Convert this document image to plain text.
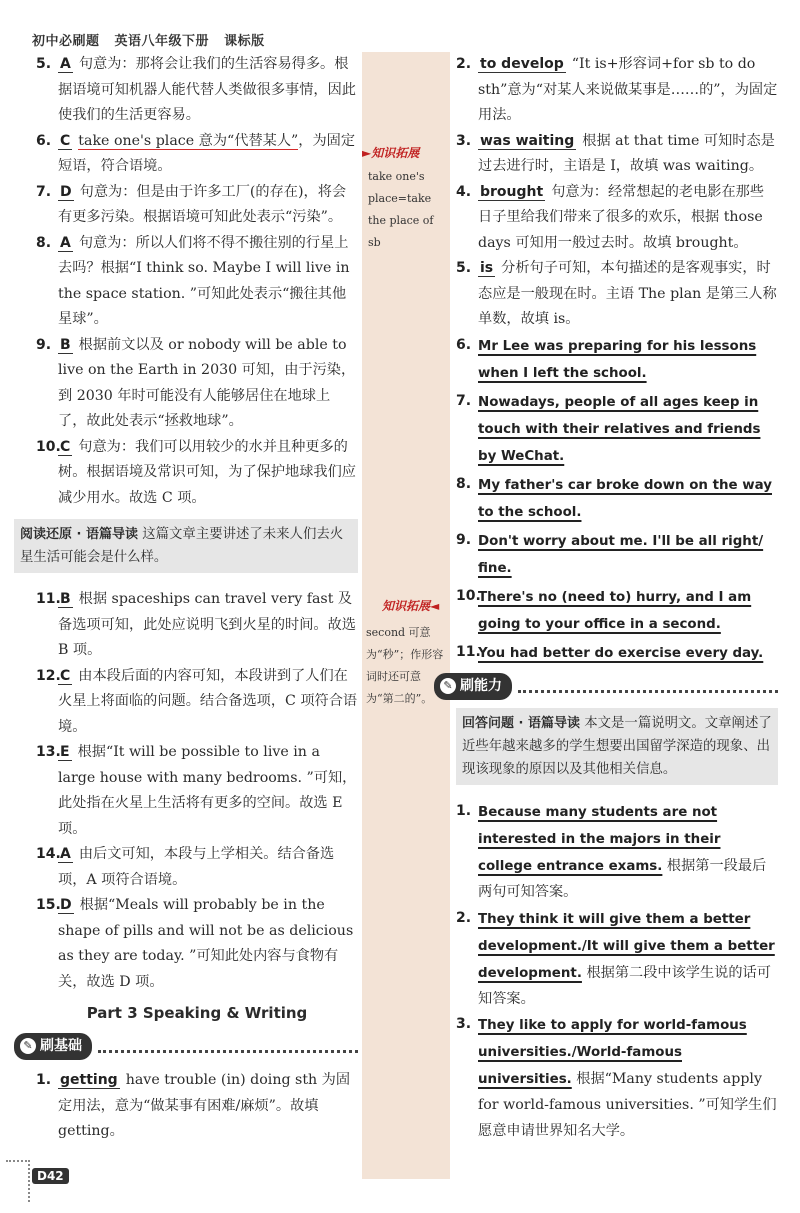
初中必刷题 英语八年级下册 课标版
►知识拓展
take one's place=take the place of sb
知识拓展◄
second 可意为“秒”；作形容词时还可意为“第二的”。
5. A 句意为：那将会让我们的生活容易得多。根据语境可知机器人能代替人类做很多事情，因此使我们的生活更容易。
6. C take one's place 意为“代替某人”，为固定短语，符合语境。
7. D 句意为：但是由于许多工厂(的存在)，将会有更多污染。根据语境可知此处表示“污染”。
8. A 句意为：所以人们将不得不搬往别的行星上去吗？根据“I think so. Maybe I will live in the space station. ”可知此处表示“搬往其他星球”。
9. B 根据前文以及 or nobody will be able to live on the Earth in 2030 可知，由于污染，到 2030 年时可能没有人能够居住在地球上了，故此处表示“拯救地球”。
10. C 句意为：我们可以用较少的水并且种更多的树。根据语境及常识可知，为了保护地球我们应减少用水。故选 C 项。
阅读还原 · 语篇导读 这篇文章主要讲述了未来人们去火星生活可能会是什么样。
11. B 根据 spaceships can travel very fast 及备选项可知，此处应说明飞到火星的时间。故选 B 项。
12. C 由本段后面的内容可知，本段讲到了人们在火星上将面临的问题。结合备选项，C 项符合语境。
13. E 根据“It will be possible to live in a large house with many bedrooms. ”可知，此处指在火星上生活将有更多的空间。故选 E 项。
14. A 由后文可知，本段与上学相关。结合备选项，A 项符合语境。
15. D 根据“Meals will probably be in the shape of pills and will not be as delicious as they are today. ”可知此处内容与食物有关，故选 D 项。
Part 3 Speaking & Writing
✎ 刷基础
1. getting have trouble (in) doing sth 为固定用法，意为“做某事有困难/麻烦”。故填 getting。
2. to develop “It is+形容词+for sb to do sth”意为“对某人来说做某事是……的”，为固定用法。
3. was waiting 根据 at that time 可知时态是过去进行时，主语是 I，故填 was waiting。
4. brought 句意为：经常想起的老电影在那些日子里给我们带来了很多的欢乐，根据 those days 可知用一般过去时。故填 brought。
5. is 分析句子可知，本句描述的是客观事实，时态应是一般现在时。主语 The plan 是第三人称单数，故填 is。
6. Mr Lee was preparing for his lessons when I left the school.
7. Nowadays, people of all ages keep in touch with their relatives and friends by WeChat.
8. My father's car broke down on the way to the school.
9. Don't worry about me. I'll be all right/ fine.
10.
There's no (need to) hurry, and I am going to your office in a second.
11.
You had better do exercise every day.
✎ 刷能力
回答问题 · 语篇导读 本文是一篇说明文。文章阐述了近些年越来越多的学生想要出国留学深造的现象、出现该现象的原因以及其他相关信息。
1. Because many students are not interested in the majors in their college entrance exams. 根据第一段最后两句可知答案。
2. They think it will give them a better development./It will give them a better development. 根据第二段中该学生说的话可知答案。
3. They like to apply for world-famous universities./World-famous universities. 根据“Many students apply for world-famous universities. ”可知学生们愿意申请世界知名大学。
D42
